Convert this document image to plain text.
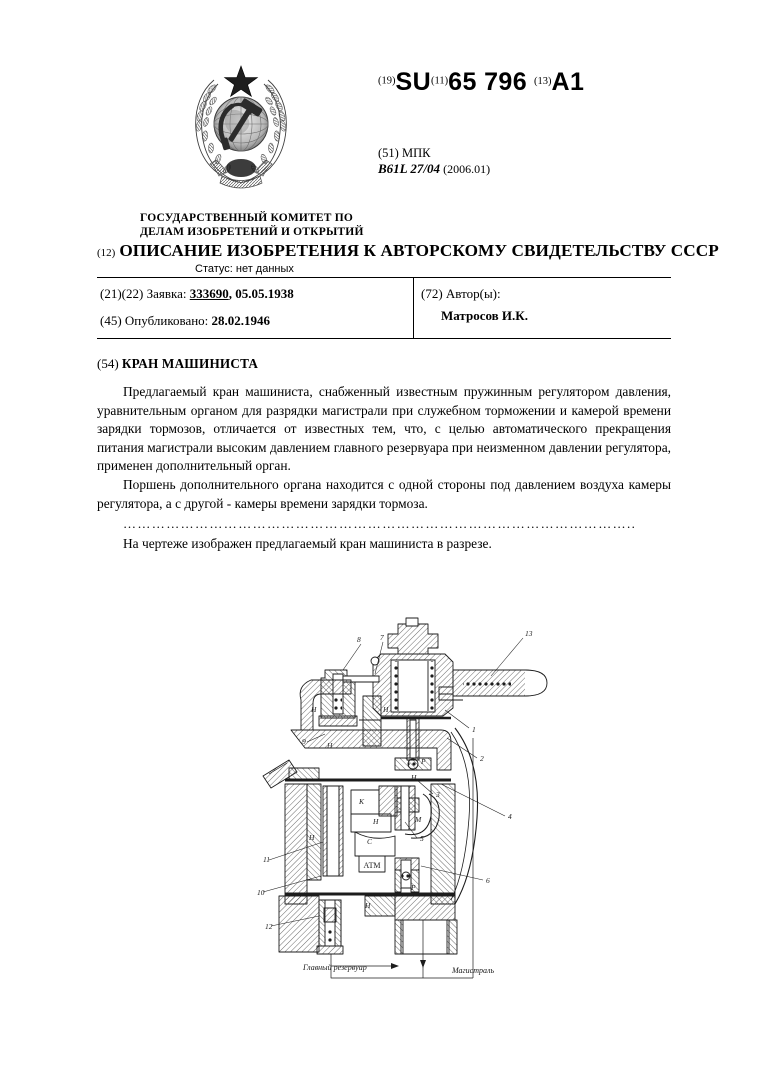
$^{(19)}$SU$^{(11)}$65 796 $^{(13)}$A1
(51) МПК
B61L 27/04 (2006.01)
ГОСУДАРСТВЕННЫЙ КОМИТЕТ ПО
ДЕЛАМ ИЗОБРЕТЕНИЙ И ОТКРЫТИЙ
(12) ОПИСАНИЕ ИЗОБРЕТЕНИЯ К АВТОРСКОМУ СВИДЕТЕЛЬСТВУ СССР
Статус: нет данных
(21)(22) Заявка: 333690, 05.05.1938
(45) Опубликовано: 28.02.1946
(72) Автор(ы):
Матросов И.К.
(54) КРАН МАШИНИСТА

Предлагаемый кран машиниста, снабженный известным пружинным регулятором давления, уравнительным органом для разрядки магистрали при служебном торможении и камерой времени зарядки тормозов, отличается от известных тем, что, с целью автоматического прекращения питания магистрали высоким давлением главного резервуара при неизменном давлении регулятора, применен дополнительный орган.

Поршень дополнительного органа находится с одной стороны под давлением воздуха камеры регулятора, а с другой - камеры времени зарядки тормоза.

……………………………………………………………………………………………..

На чертеже изображен предлагаемый кран машиниста в разрезе.

АТМ
8	7	13
1
2
3
4
5
6
9
11
10
12
Н	Н
Н
Р
Н
К
Н	М
Н	С
Р
Н
Главный резервуар	Магистраль
